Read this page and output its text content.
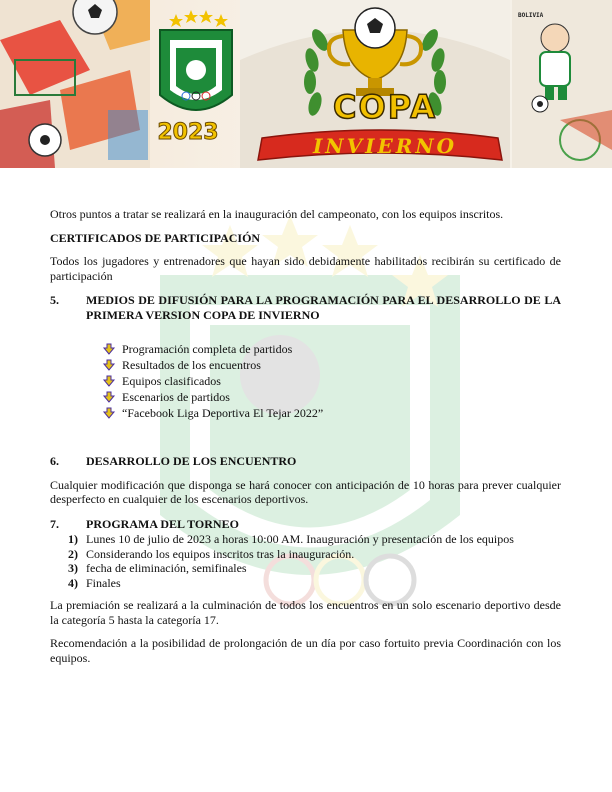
2023
COPA
INVIERNO
BOLIVIA

Otros puntos a tratar se realizará en la inauguración del campeonato, con los equipos inscritos.

CERTIFICADOS DE PARTICIPACIÓN

Todos los jugadores y entrenadores que hayan sido debidamente habilitados recibirán su certificado de participación

5.	MEDIOS DE DIFUSIÓN PARA LA PROGRAMACIÓN PARA EL DESARROLLO DE LA PRIMERA VERSION COPA DE INVIERNO
Programación completa de partidos
Resultados de los encuentros
Equipos clasificados
Escenarios de partidos
“Facebook Liga Deportiva El Tejar 2022”
6.	DESARROLLO DE LOS ENCUENTRO

Cualquier modificación que disponga se hará conocer con anticipación de 10 horas para prever cualquier desperfecto en cualquier de los escenarios deportivos.

7.	PROGRAMA DEL TORNEO
1) Lunes 10 de julio de 2023 a horas 10:00 AM. Inauguración y presentación de los equipos
2) Considerando los equipos inscritos tras la inauguración.
3) fecha de eliminación, semifinales
4) Finales

La premiación se realizará a la culminación de todos los encuentros en un solo escenario deportivo desde la categoría 5 hasta la categoría 17.

Recomendación a la posibilidad de prolongación de un día por caso fortuito previa Coordinación con los equipos.
